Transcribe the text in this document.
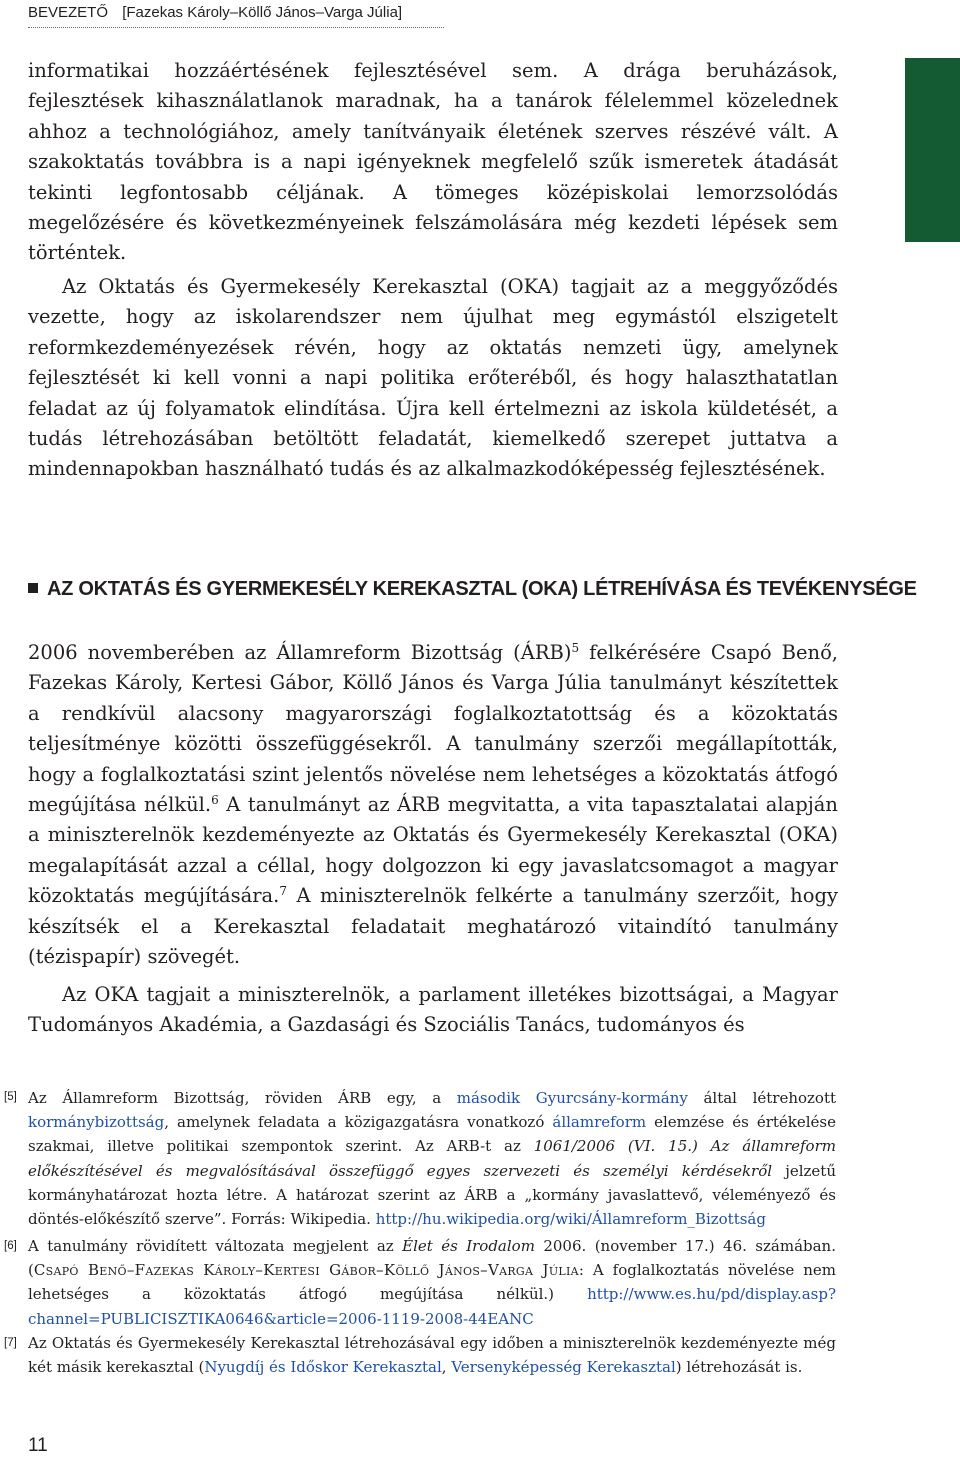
BEVEZETŐ [Fazekas Károly–Köllő János–Varga Júlia]

informatikai hozzáértésének fejlesztésével sem. A drága beruházások, fejlesztések kihasználatlanok maradnak, ha a tanárok félelemmel közelednek ahhoz a technológiához, amely tanítványaik életének szerves részévé vált. A szakoktatás továbbra is a napi igényeknek megfelelő szűk ismeretek átadását tekinti legfontosabb céljának. A tömeges középiskolai lemorzsolódás megelőzésére és következményeinek felszámolására még kezdeti lépések sem történtek.

Az Oktatás és Gyermekesély Kerekasztal (OKA) tagjait az a meggyőződés vezette, hogy az iskolarendszer nem újulhat meg egymástól elszigetelt reformkezdeményezések révén, hogy az oktatás nemzeti ügy, amelynek fejlesztését ki kell vonni a napi politika erőteréből, és hogy halaszthatatlan feladat az új folyamatok elindítása. Újra kell értelmezni az iskola küldetését, a tudás létrehozásában betöltött feladatát, kiemelkedő szerepet juttatva a mindennapokban használható tudás és az alkalmazkodóképesség fejlesztésének.

AZ OKTATÁS ÉS GYERMEKESÉLY KEREKASZTAL (OKA) LÉTREHÍVÁSA ÉS TEVÉKENYSÉGE

2006 novemberében az Államreform Bizottság (ÁRB)$^5$ felkérésére Csapó Benő, Fazekas Károly, Kertesi Gábor, Köllő János és Varga Júlia tanulmányt készítettek a rendkívül alacsony magyarországi foglalkoztatottság és a közoktatás teljesítménye közötti összefüggésekről. A tanulmány szerzői megállapították, hogy a foglalkoztatási szint jelentős növelése nem lehetséges a közoktatás átfogó megújítása nélkül.$^6$ A tanulmányt az ÁRB megvitatta, a vita tapasztalatai alapján a miniszterelnök kezdeményezte az Oktatás és Gyermekesély Kerekasztal (OKA) megalapítását azzal a céllal, hogy dolgozzon ki egy javaslatcsomagot a magyar közoktatás megújítására.$^7$ A miniszterelnök felkérte a tanulmány szerzőit, hogy készítsék el a Kerekasztal feladatait meghatározó vitaindító tanulmány (tézispapír) szövegét.

Az OKA tagjait a miniszterelnök, a parlament illetékes bizottságai, a Magyar Tudományos Akadémia, a Gazdasági és Szociális Tanács, tudományos és

[5] Az Államreform Bizottság, röviden ÁRB egy, a második Gyurcsány-kormány által létrehozott kormánybizottság, amelynek feladata a közigazgatásra vonatkozó államreform elemzése és értékelése szakmai, illetve politikai szempontok szerint. Az ARB-t az 1061/2006 (VI. 15.) Az államreform előkészítésével és megvalósításával összefüggő egyes szervezeti és személyi kérdésekről jelzetű kormányhatározat hozta létre. A határozat szerint az ÁRB a „kormány javaslattevő, véleményező és döntés-előkészítő szerve”. Forrás: Wikipedia. http://hu.wikipedia.org/wiki/Államreform_Bizottság
[6] A tanulmány rövidített változata megjelent az Élet és Irodalom 2006. (november 17.) 46. számában. (Csapó Benő–Fazekas Károly–Kertesi Gábor–Köllő János–Varga Júlia: A foglalkoztatás növelése nem lehetséges a közoktatás átfogó megújítása nélkül.) http://www.es.hu/pd/display.asp?channel=PUBLICISZTIKA0646&article=2006-1119-2008-44EANC
[7] Az Oktatás és Gyermekesély Kerekasztal létrehozásával egy időben a miniszterelnök kezdeményezte még két másik kerekasztal (Nyugdíj és Időskor Kerekasztal, Versenyképesség Kerekasztal) létrehozását is.
11
